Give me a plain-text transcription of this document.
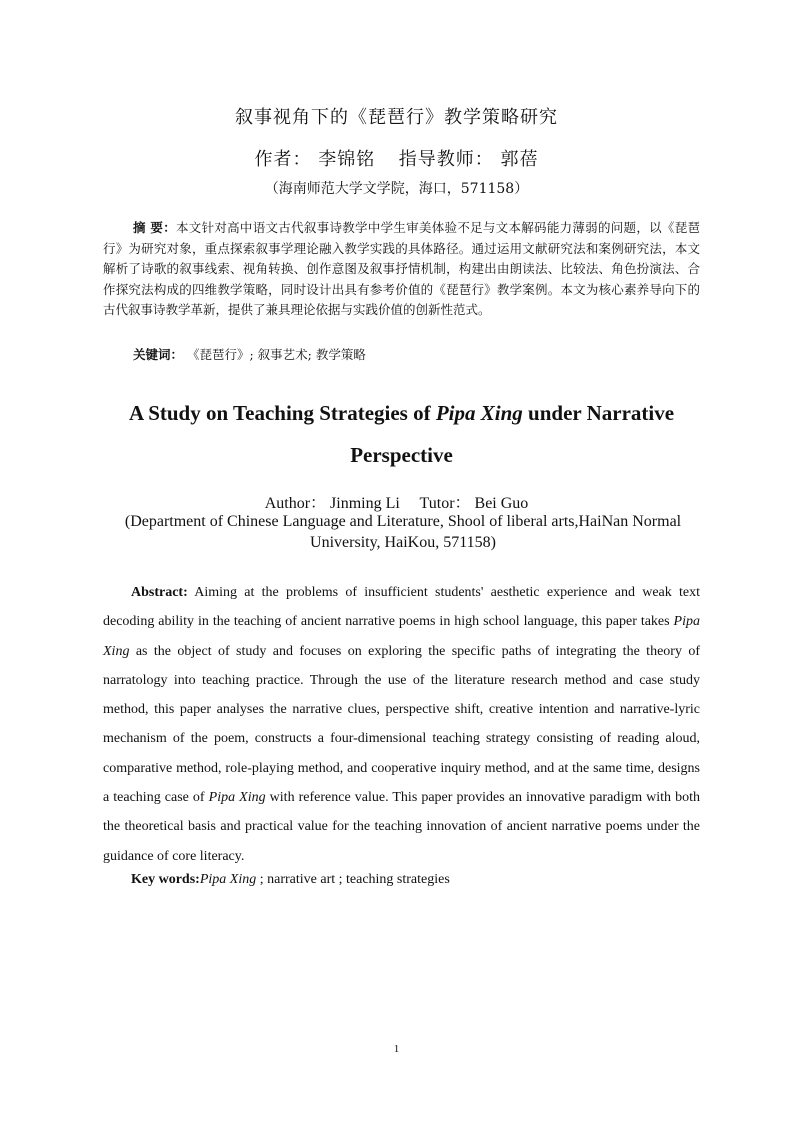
叙事视角下的《琵琶行》教学策略研究
作者： 李锦铭 指导教师： 郭蓓
（海南师范大学文学院，海口，571158）
摘 要：本文针对高中语文古代叙事诗教学中学生审美体验不足与文本解码能力薄弱的问题，以《琵琶行》为研究对象，重点探索叙事学理论融入教学实践的具体路径。通过运用文献研究法和案例研究法，本文解析了诗歌的叙事线索、视角转换、创作意图及叙事抒情机制，构建出由朗读法、比较法、角色扮演法、合作探究法构成的四维教学策略，同时设计出具有参考价值的《琵琶行》教学案例。本文为核心素养导向下的古代叙事诗教学革新，提供了兼具理论依据与实践价值的创新性范式。
关键词： 《琵琶行》; 叙事艺术; 教学策略
A Study on Teaching Strategies of Pipa Xing under Narrative Perspective
Author： Jinming Li Tutor： Bei Guo
(Department of Chinese Language and Literature, Shool of liberal arts,HaiNan Normal University, HaiKou, 571158)
Abstract: Aiming at the problems of insufficient students' aesthetic experience and weak text decoding ability in the teaching of ancient narrative poems in high school language, this paper takes Pipa Xing as the object of study and focuses on exploring the specific paths of integrating the theory of narratology into teaching practice. Through the use of the literature research method and case study method, this paper analyses the narrative clues, perspective shift, creative intention and narrative-lyric mechanism of the poem, constructs a four-dimensional teaching strategy consisting of reading aloud, comparative method, role-playing method, and cooperative inquiry method, and at the same time, designs a teaching case of Pipa Xing with reference value. This paper provides an innovative paradigm with both the theoretical basis and practical value for the teaching innovation of ancient narrative poems under the guidance of core literacy.
Key words:Pipa Xing ; narrative art ; teaching strategies
1
